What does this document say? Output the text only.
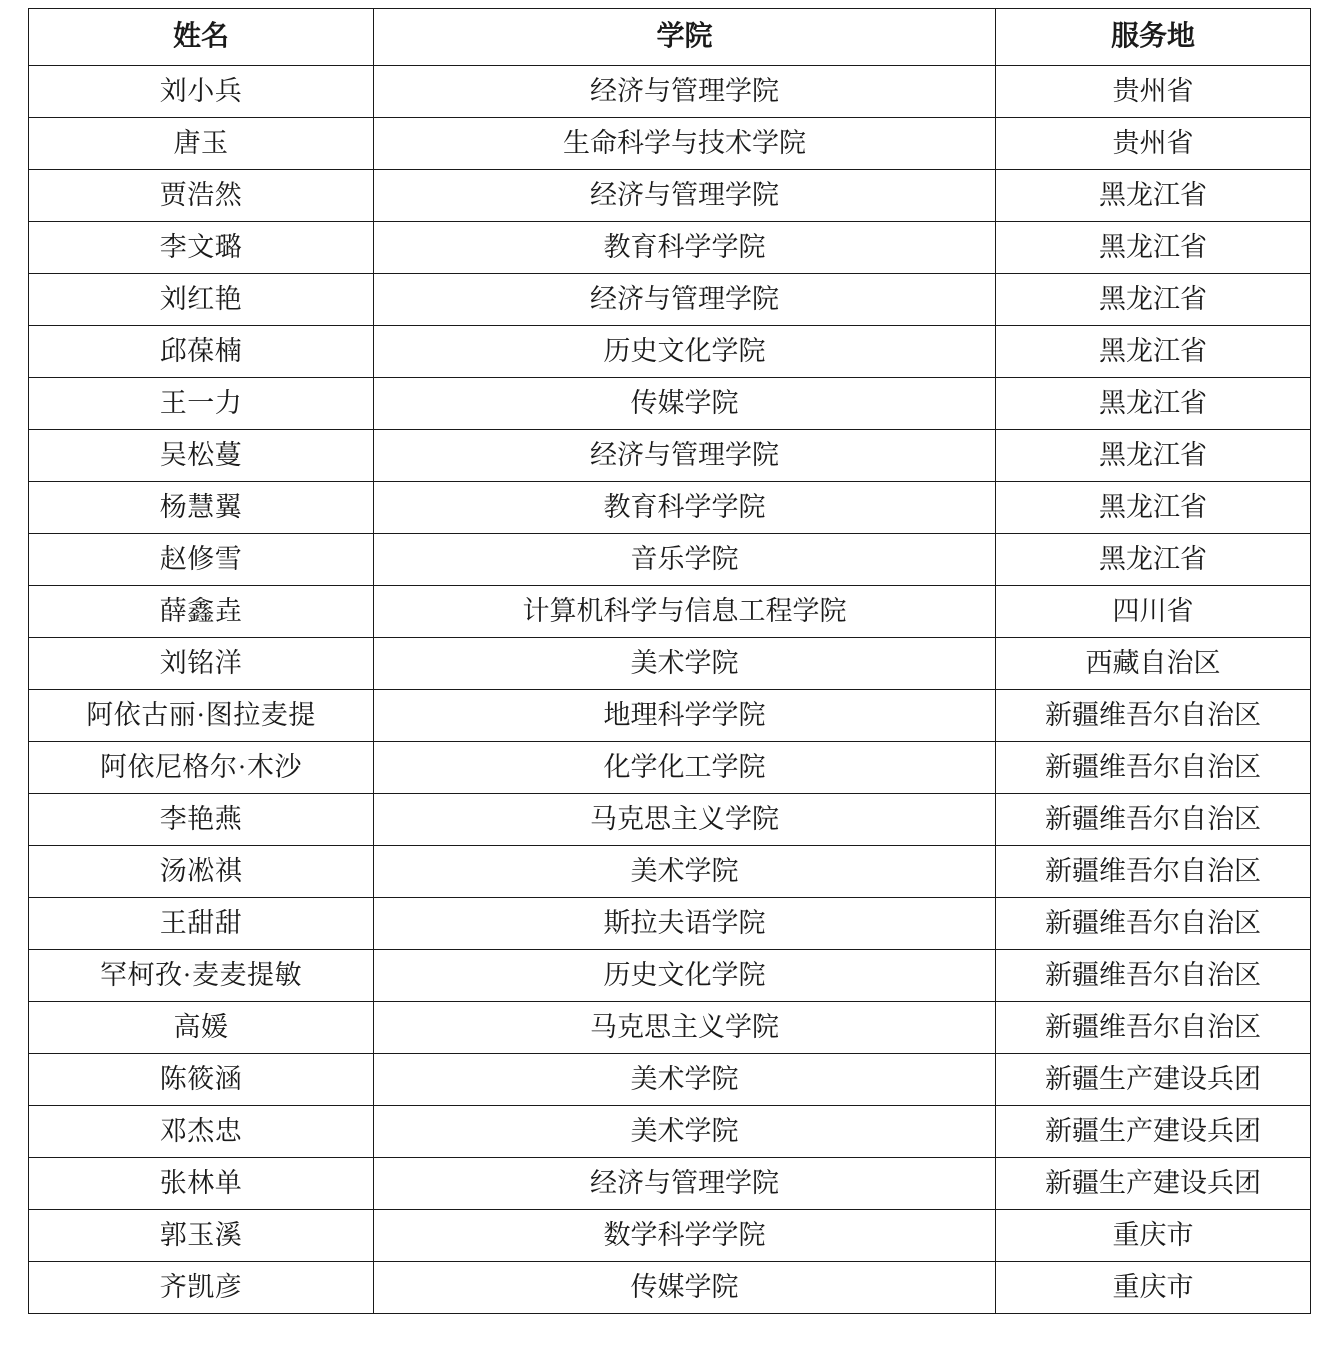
姓名	学院	服务地
刘小兵	经济与管理学院	贵州省
唐玉	生命科学与技术学院	贵州省
贾浩然	经济与管理学院	黑龙江省
李文璐	教育科学学院	黑龙江省
刘红艳	经济与管理学院	黑龙江省
邱葆楠	历史文化学院	黑龙江省
王一力	传媒学院	黑龙江省
吴松蔓	经济与管理学院	黑龙江省
杨慧翼	教育科学学院	黑龙江省
赵修雪	音乐学院	黑龙江省
薛鑫垚	计算机科学与信息工程学院	四川省
刘铭洋	美术学院	西藏自治区
阿依古丽·图拉麦提	地理科学学院	新疆维吾尔自治区
阿依尼格尔·木沙	化学化工学院	新疆维吾尔自治区
李艳燕	马克思主义学院	新疆维吾尔自治区
汤凇祺	美术学院	新疆维吾尔自治区
王甜甜	斯拉夫语学院	新疆维吾尔自治区
罕柯孜·麦麦提敏	历史文化学院	新疆维吾尔自治区
高媛	马克思主义学院	新疆维吾尔自治区
陈筱涵	美术学院	新疆生产建设兵团
邓杰忠	美术学院	新疆生产建设兵团
张林单	经济与管理学院	新疆生产建设兵团
郭玉溪	数学科学学院	重庆市
齐凯彦	传媒学院	重庆市
